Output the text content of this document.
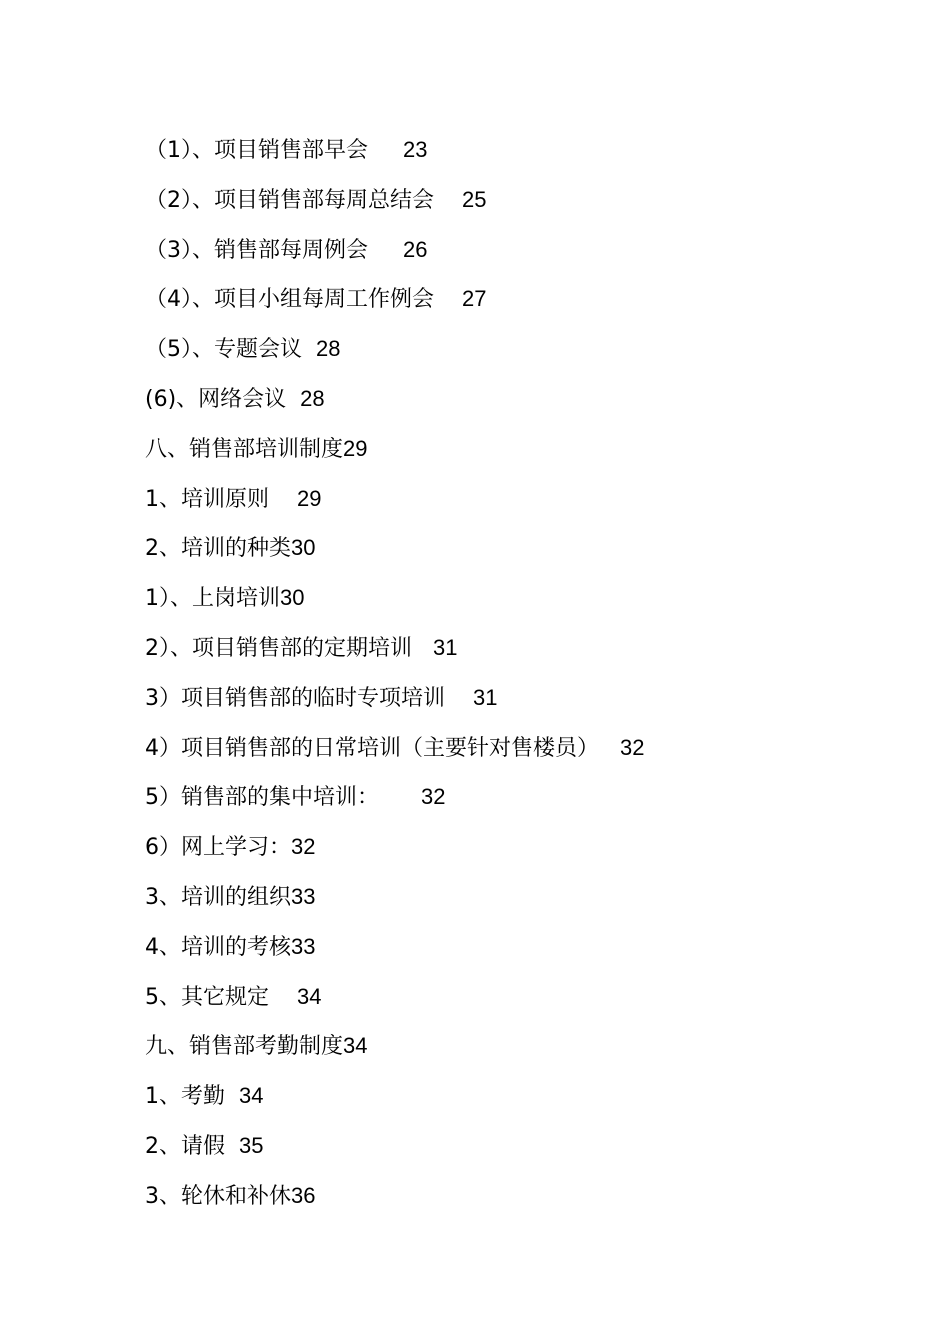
（1）、项目销售部早会 23
（2）、项目销售部每周总结会 25
（3）、销售部每周例会 26
（4）、项目小组每周工作例会 27
（5）、专题会议 28
(6)、网络会议 28
八、销售部培训制度29
1、培训原则 29
2、培训的种类30
1）、上岗培训30
2）、项目销售部的定期培训 31
3）项目销售部的临时专项培训 31
4）项目销售部的日常培训（主要针对售楼员） 32
5）销售部的集中培训： 32
6）网上学习：32
3、培训的组织33
4、培训的考核33
5、其它规定 34
九、销售部考勤制度34
1、考勤 34
2、请假 35
3、轮休和补休36
